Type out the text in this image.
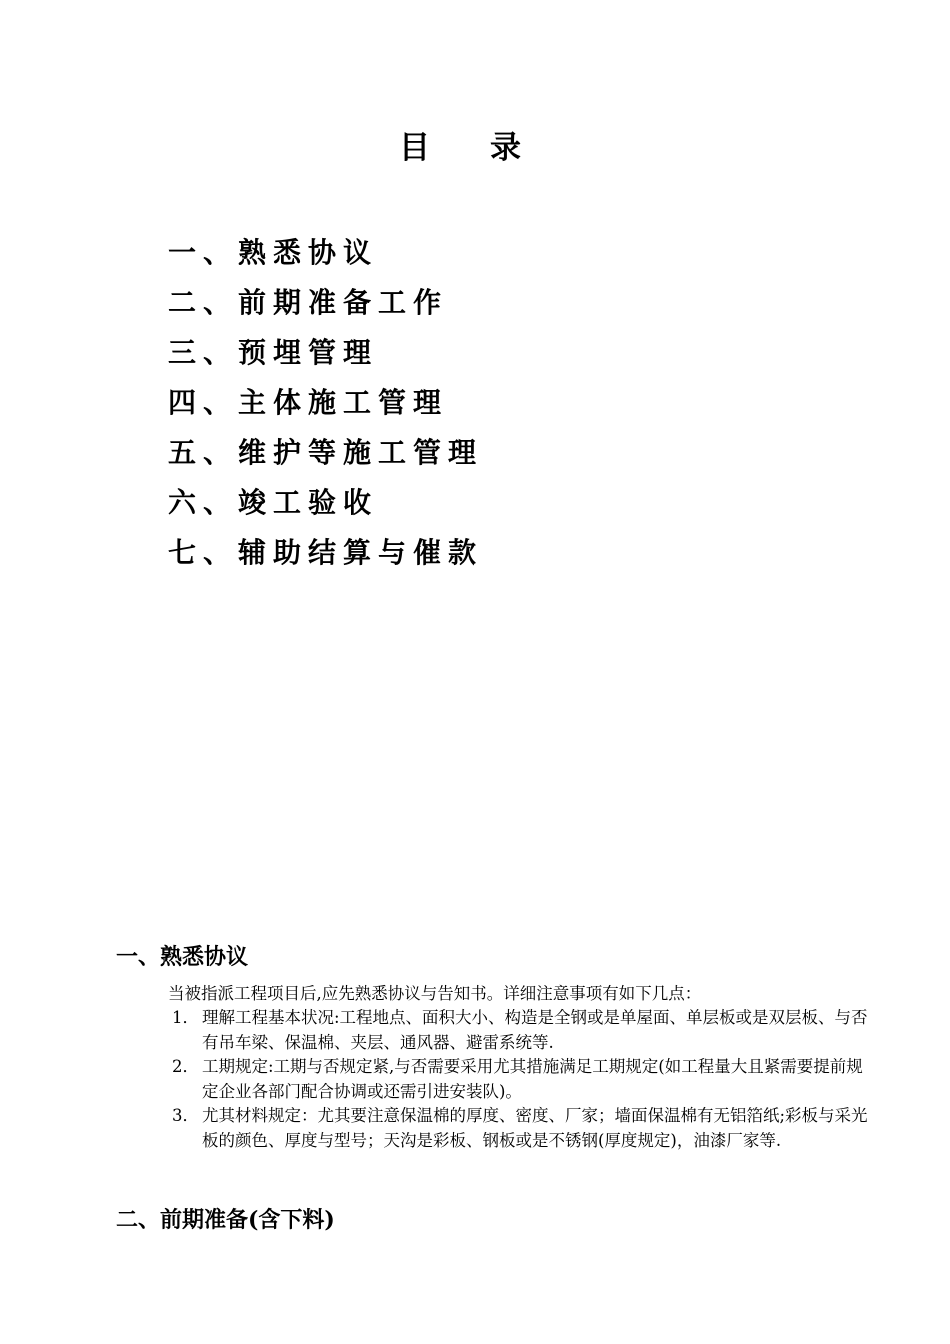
目录
一、熟悉协议
二、前期准备工作
三、预埋管理
四、主体施工管理
五、维护等施工管理
六、竣工验收
七、辅助结算与催款
一、熟悉协议
当被指派工程项目后,应先熟悉协议与告知书。详细注意事项有如下几点：
1． 理解工程基本状况:工程地点、面积大小、构造是全钢或是单屋面、单层板或是双层板、与否有吊车梁、保温棉、夹层、通风器、避雷系统等.
2． 工期规定:工期与否规定紧,与否需要采用尤其措施满足工期规定(如工程量大且紧需要提前规定企业各部门配合协调或还需引进安装队)。
3． 尤其材料规定：尤其要注意保温棉的厚度、密度、厂家；墙面保温棉有无铝箔纸;彩板与采光板的颜色、厚度与型号；天沟是彩板、钢板或是不锈钢(厚度规定)，油漆厂家等.
二、前期准备(含下料)
